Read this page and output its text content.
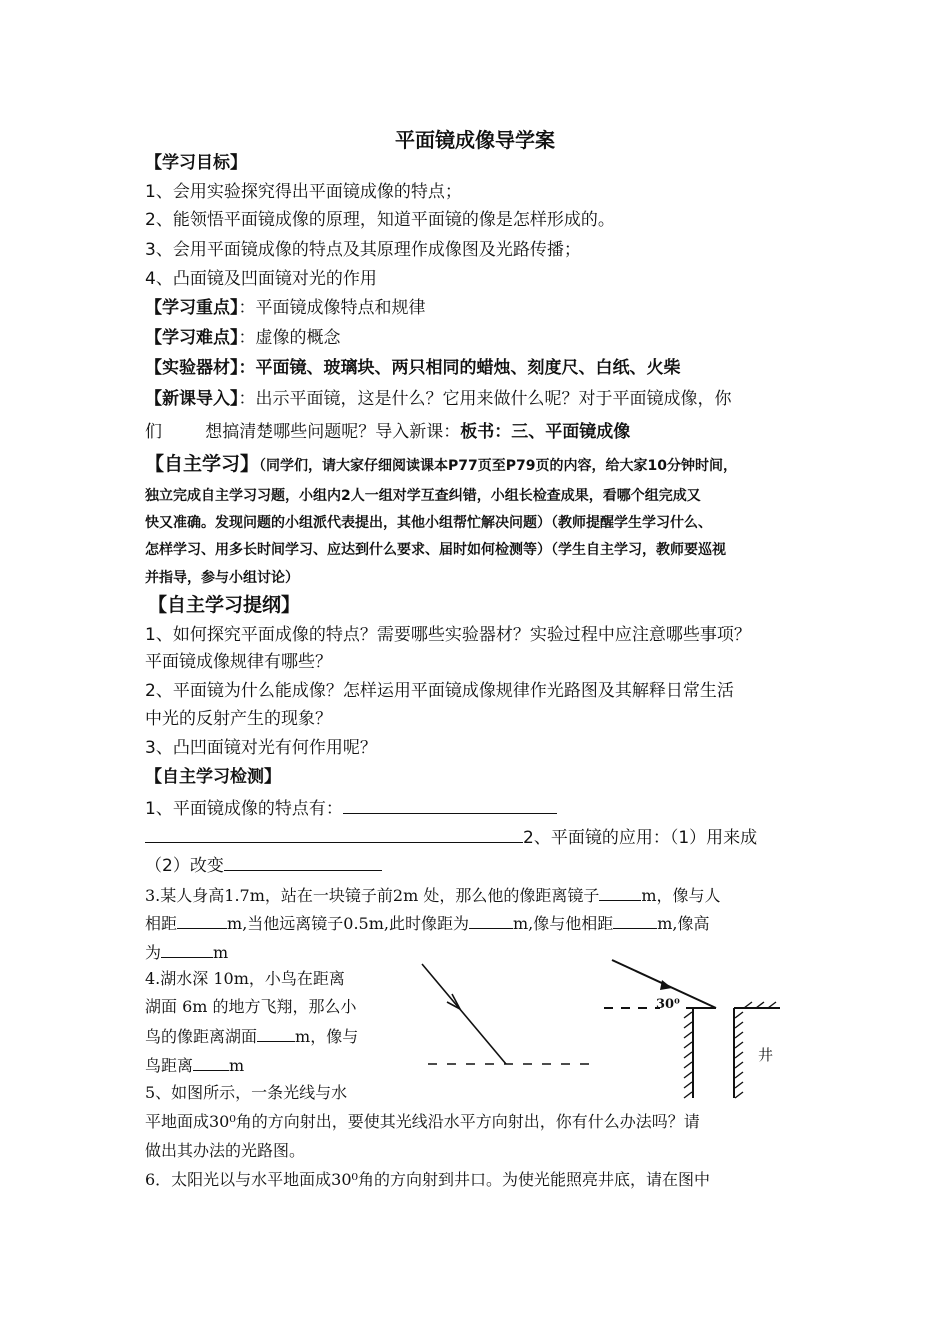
平面镜成像导学案
【学习目标】
1、会用实验探究得出平面镜成像的特点；
2、能领悟平面镜成像的原理，知道平面镜的像是怎样形成的。
3、会用平面镜成像的特点及其原理作成像图及光路传播；
4、凸面镜及凹面镜对光的作用
【学习重点】：平面镜成像特点和规律
【学习难点】：虚像的概念
【实验器材】：平面镜、玻璃块、两只相同的蜡烛、刻度尺、白纸、火柴
【新课导入】：出示平面镜，这是什么？它用来做什么呢？对于平面镜成像，你
们        想搞清楚哪些问题呢？导入新课：板书：三、平面镜成像
【自主学习】（同学们，请大家仔细阅读课本P77页至P79页的内容，给大家10分钟时间，
独立完成自主学习习题，小组内2人一组对学互查纠错，小组长检查成果，看哪个组完成又
快又准确。发现问题的小组派代表提出，其他小组帮忙解决问题）（教师提醒学生学习什么、
怎样学习、用多长时间学习、应达到什么要求、届时如何检测等）（学生自主学习，教师要巡视
并指导，参与小组讨论）
【自主学习提纲】
1、如何探究平面成像的特点？需要哪些实验器材？实验过程中应注意哪些事项？
平面镜成像规律有哪些？
2、平面镜为什么能成像？怎样运用平面镜成像规律作光路图及其解释日常生活
中光的反射产生的现象？
3、凸凹面镜对光有何作用呢？
【自主学习检测】
1、平面镜成像的特点有：
2、平面镜的应用：（1）用来成
（2）改变
3.某人身高1.7m，站在一块镜子前2m 处，那么他的像距离镜子	m，像与人
相距	m,当他远离镜子0.5m,此时像距为	m,像与他相距	m,像高
为	m
4.湖水深 10m，小鸟在距离
湖面 6m 的地方飞翔，那么小
鸟的像距离湖面 m，像与
鸟距离 m
5、如图所示，一条光线与水
平地面成30⁰角的方向射出，要使其光线沿水平方向射出，你有什么办法吗？请
做出其办法的光路图。
6．太阳光以与水平地面成30⁰角的方向射到井口。为使光能照亮井底，请在图中
30⁰
井
